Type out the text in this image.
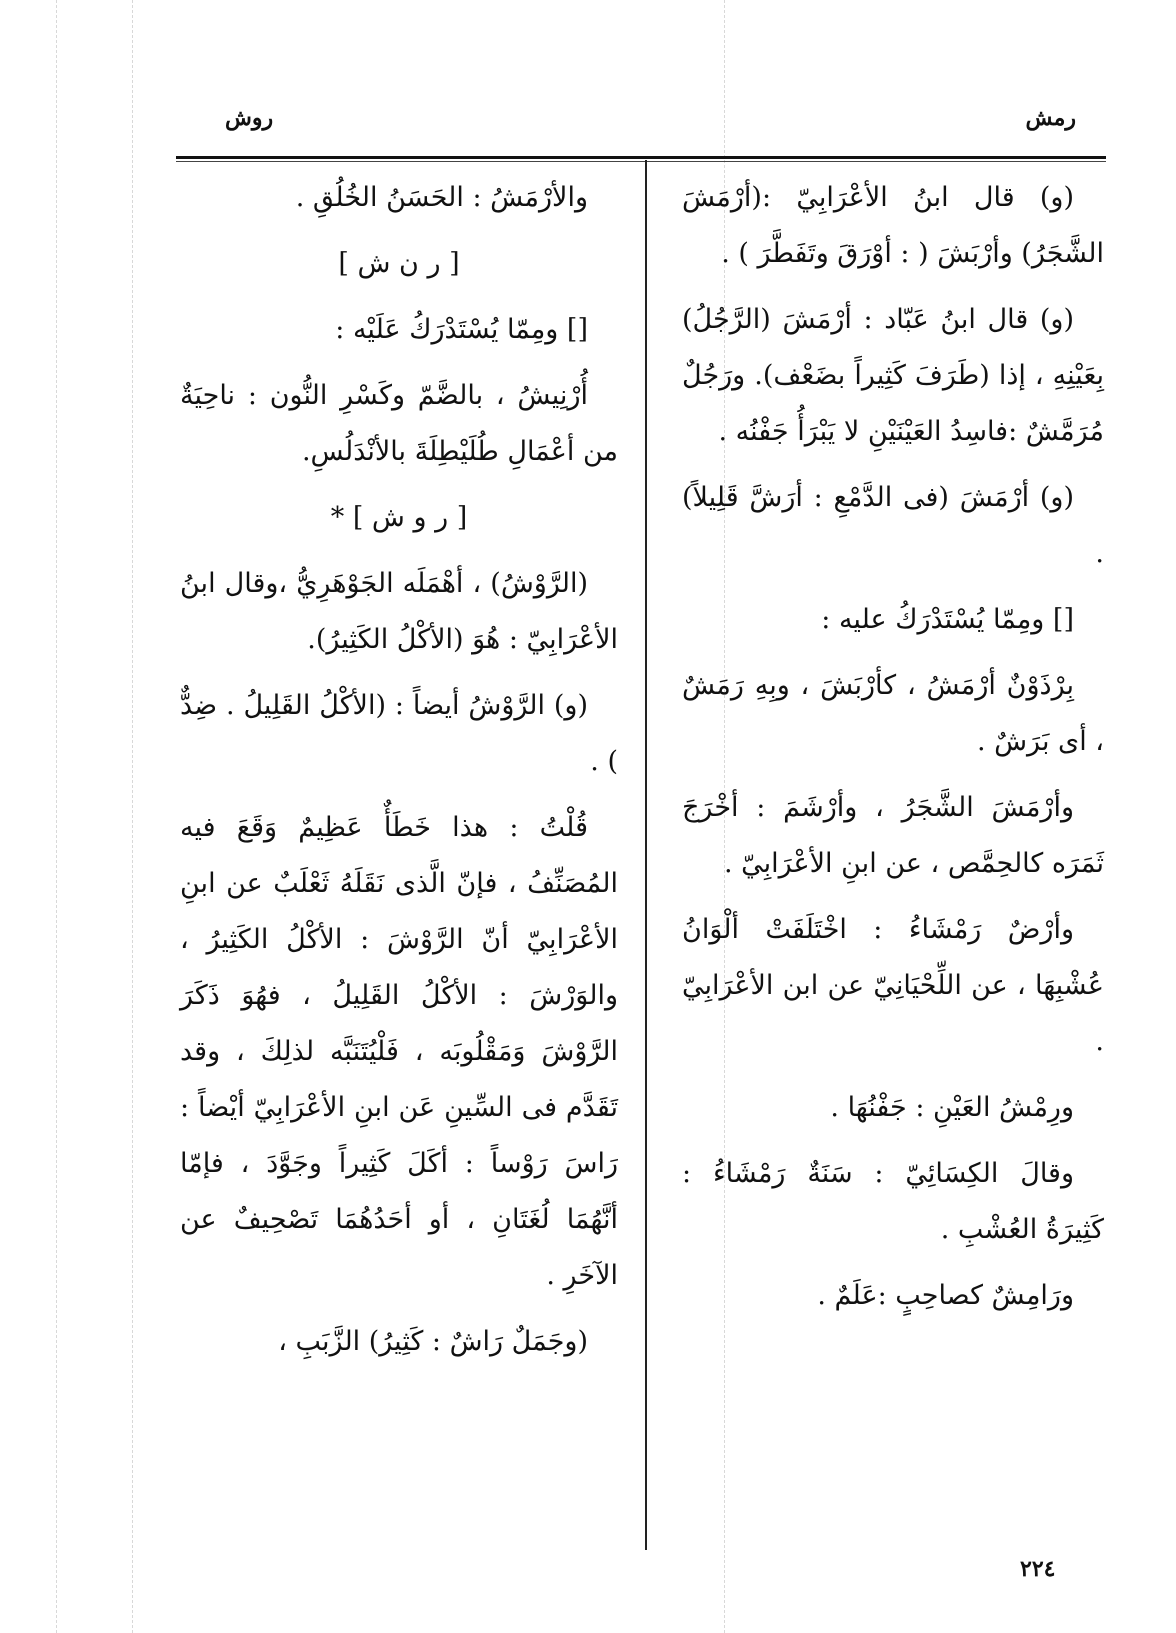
رمش
روش

(و) قال ابنُ الأعْرَابِيّ :(أرْمَشَ الشَّجَرُ) وأرْبَشَ ( : أوْرَقَ وتَفَطَّرَ ) .

(و) قال ابنُ عَبّاد : أرْمَشَ (الرَّجُلُ) بِعَيْنِهِ ، إذا (طَرَفَ كَثِيراً بضَعْف). ورَجُلٌ مُرَمَّشٌ :فاسِدُ العَيْنَيْنِ لا يَبْرَأُ جَفْنُه .

(و) أرْمَشَ (فى الدَّمْعِ : أرَشَّ قَلِيلاً) .

[] ومِمّا يُسْتَدْرَكُ عليه :

بِرْذَوْنٌ أرْمَشُ ، كأرْبَشَ ، وبِهِ رَمَشٌ ، أى بَرَشٌ .

وأرْمَشَ الشَّجَرُ ، وأرْشَمَ : أخْرَجَ ثَمَرَه كالحِمَّص ، عن ابنِ الأعْرَابِيّ .

وأرْضٌ رَمْشَاءُ : اخْتَلَفَتْ ألْوَانُ عُشْبِهَا ، عن اللِّحْيَانِيّ عن ابن الأعْرَابِيّ .

ورِمْشُ العَيْنِ : جَفْنُهَا .

وقالَ الكِسَائِيّ : سَنَةٌ رَمْشَاءُ : كَثِيرَةُ العُشْبِ .

ورَامِشٌ كصاحِبٍ :عَلَمٌ .

والأرْمَشُ : الحَسَنُ الخُلُقِ .

[ ر ن ش ]

[] ومِمّا يُسْتَدْرَكُ عَلَيْه :

أُرْنِيشُ ، بالضَّمّ وكَسْرِ النُّون : ناحِيَةٌ من أعْمَالِ طُلَيْطِلَةَ بالأنْدَلُسِ.

[ ر و ش ] *

(الرَّوْشُ) ، أهْمَلَه الجَوْهَرِيُّ ،وقال ابنُ الأعْرَابِيّ : هُوَ (الأكْلُ الكَثِيرُ).

(و) الرَّوْشُ أيضاً : (الأكْلُ القَلِيلُ . ضِدٌّ ) .

قُلْتُ : هذا خَطَأٌ عَظِيمٌ وَقَعَ فيه المُصَنِّفُ ، فإنّ الَّذى نَقَلَهُ ثَعْلَبٌ عن ابنِ الأعْرَابِيّ أنّ الرَّوْشَ : الأكْلُ الكَثِيرُ ، والوَرْشَ : الأكْلُ القَلِيلُ ، فهُوَ ذَكَرَ الرَّوْشَ وَمَقْلُوبَه ، فَلْيُتَنَبَّه لذلِكَ ، وقد تَقَدَّم فى السِّينِ عَن ابنِ الأعْرَابِيّ أيْضاً : رَاسَ رَوْساً : أكَلَ كَثِيراً وجَوَّدَ ، فإمّا أنَّهُمَا لُغَتَانِ ، أو أحَدُهُمَا تَصْحِيفٌ عن الآخَرِ .

(وجَمَلٌ رَاشٌ : كَثِيرُ) الزَّبَبِ ،

٢٢٤
